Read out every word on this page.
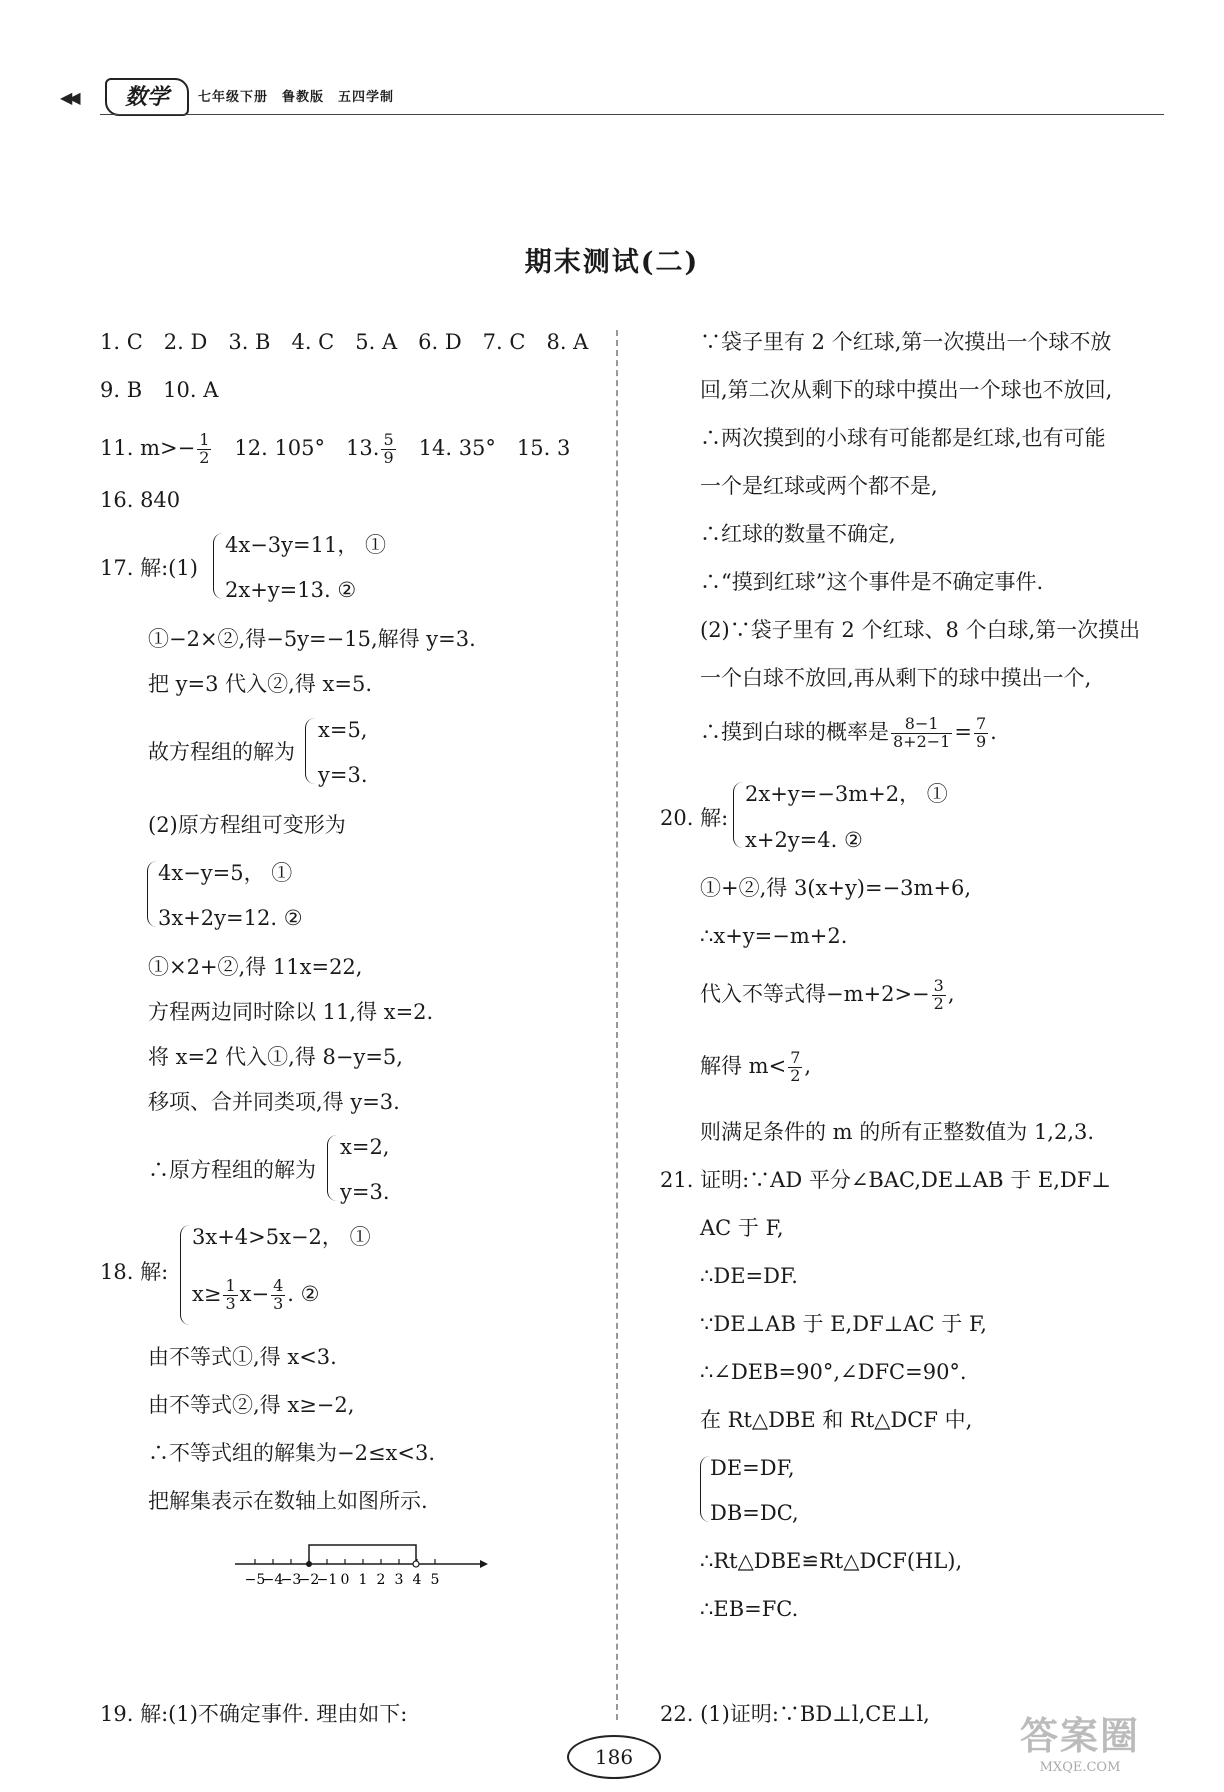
◀◀	数学	七年级下册　鲁教版　五四学制
期末测试(二)
1. C　2. D　3. B　4. C　5. A　6. D　7. C　8. A
9. B　10. A
11. $m>- \frac{1}{2}$ 　12. 105°　13. $\frac{5}{9}$ 　14. 35°　15. 3
16. 840
17. 解:(1)
4x−3y=11， ①
2x+y=13. ②
①−2×②,得−5y=−15,解得 y=3.
把 y=3 代入②,得 x=5.
故方程组的解为
x=5,
y=3.
(2)原方程组可变形为
4x−y=5， ①
3x+2y=12. ②
①×2+②,得 11x=22,
方程两边同时除以 11,得 x=2.
将 x=2 代入①,得 8−y=5,
移项、合并同类项,得 y=3.
∴原方程组的解为
x=2,
y=3.
18. 解:
3x+4>5x−2， ①
$x\ge \frac{1}{3} x- \frac{4}{3}$ . ②
由不等式①,得 x<3.
由不等式②,得 x≥−2,
∴不等式组的解集为−2≤x<3.
把解集表示在数轴上如图所示.
−5
−4
−3
−2
−1 0 1 2 3 4 5
19. 解:(1)不确定事件. 理由如下:
∵袋子里有 2 个红球,第一次摸出一个球不放
回,第二次从剩下的球中摸出一个球也不放回,
∴两次摸到的小球有可能都是红球,也有可能
一个是红球或两个都不是,
∴红球的数量不确定,
∴“摸到红球”这个事件是不确定事件.
(2)∵袋子里有 2 个红球、8 个白球,第一次摸出
一个白球不放回,再从剩下的球中摸出一个,
∴摸到白球的概率是 $\frac{8-1}{8+2-1} = \frac{7}{9}$ .
20. 解:
2x+y=−3m+2， ①
x+2y=4. ②
①+②,得 3(x+y)=−3m+6,
∴x+y=−m+2.
代入不等式得$-m+2>- \frac{3}{2}$ ,
解得 $m< \frac{7}{2}$ ,
则满足条件的 m 的所有正整数值为 1,2,3.
21. 证明:∵AD 平分∠BAC,DE⊥AB 于 E,DF⊥
AC 于 F,
∴DE=DF.
∵DE⊥AB 于 E,DF⊥AC 于 F,
∴∠DEB=90°,∠DFC=90°.
在 Rt△DBE 和 Rt△DCF 中,
DE=DF,
DB=DC,
∴Rt△DBE≌Rt△DCF(HL),
∴EB=FC.
22. (1)证明:∵BD⊥l,CE⊥l,
186	答案圈
MXQE.COM
